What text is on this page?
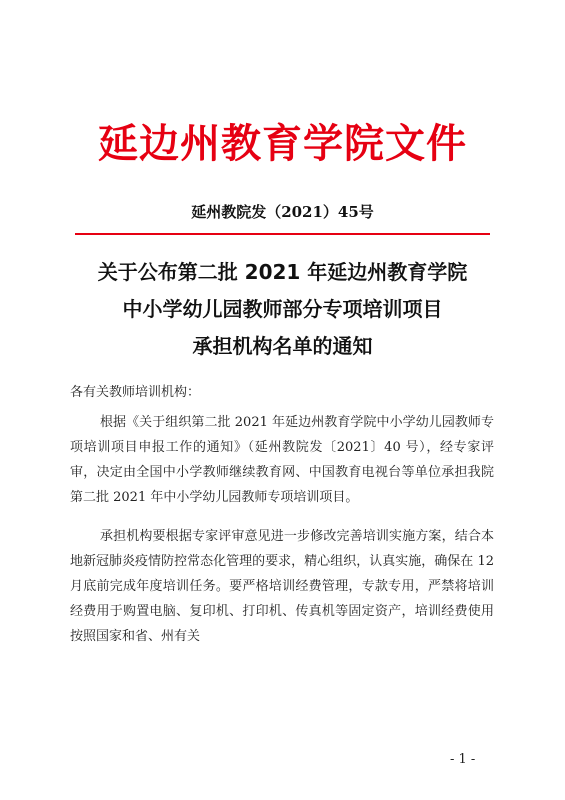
延边州教育学院文件
延州教院发（2021）45号
关于公布第二批 2021 年延边州教育学院
中小学幼儿园教师部分专项培训项目
承担机构名单的通知

各有关教师培训机构：

根据《关于组织第二批 2021 年延边州教育学院中小学幼儿园教师专项培训项目申报工作的通知》（延州教院发〔2021〕40 号），经专家评审，决定由全国中小学教师继续教育网、中国教育电视台等单位承担我院第二批 2021 年中小学幼儿园教师专项培训项目。

承担机构要根据专家评审意见进一步修改完善培训实施方案，结合本地新冠肺炎疫情防控常态化管理的要求，精心组织，认真实施，确保在 12 月底前完成年度培训任务。要严格培训经费管理，专款专用，严禁将培训经费用于购置电脑、复印机、打印机、传真机等固定资产，培训经费使用按照国家和省、州有关

- 1 -
